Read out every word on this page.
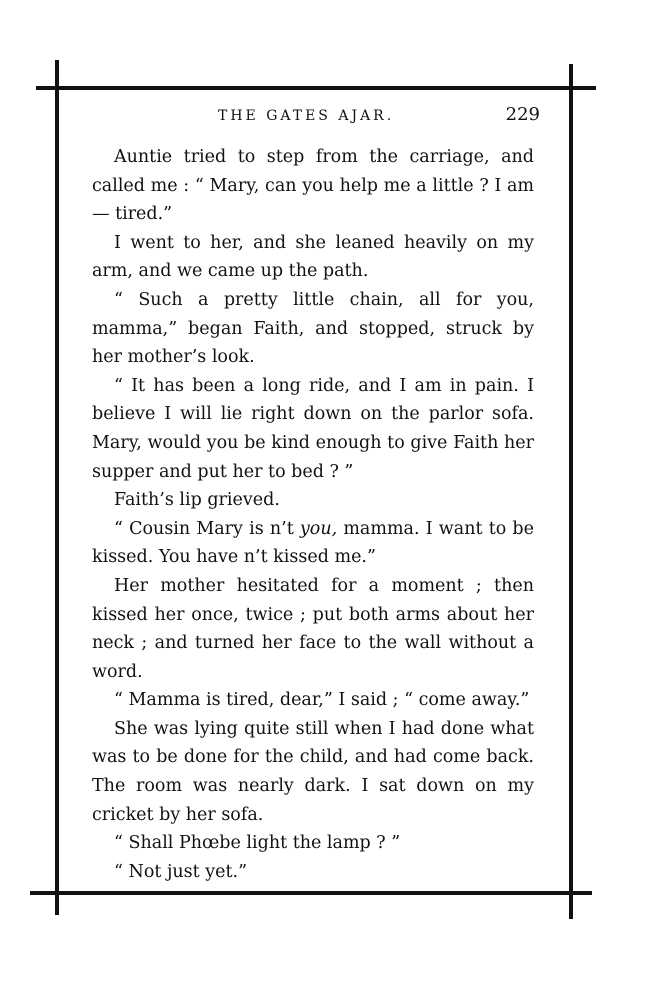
THE GATES AJAR.	229

Auntie tried to step from the carriage, and called me : “ Mary, can you help me a little ? I am — tired.”

I went to her, and she leaned heavily on my arm, and we came up the path.

“ Such a pretty little chain, all for you, mamma,” began Faith, and stopped, struck by her mother’s look.

“ It has been a long ride, and I am in pain. I believe I will lie right down on the parlor sofa. Mary, would you be kind enough to give Faith her supper and put her to bed ? ”

Faith’s lip grieved.

“ Cousin Mary is n’t you, mamma. I want to be kissed. You have n’t kissed me.”

Her mother hesitated for a moment ; then kissed her once, twice ; put both arms about her neck ; and turned her face to the wall without a word.

“ Mamma is tired, dear,” I said ; “ come away.”

She was lying quite still when I had done what was to be done for the child, and had come back. The room was nearly dark. I sat down on my cricket by her sofa.

“ Shall Phœbe light the lamp ? ”

“ Not just yet.”
